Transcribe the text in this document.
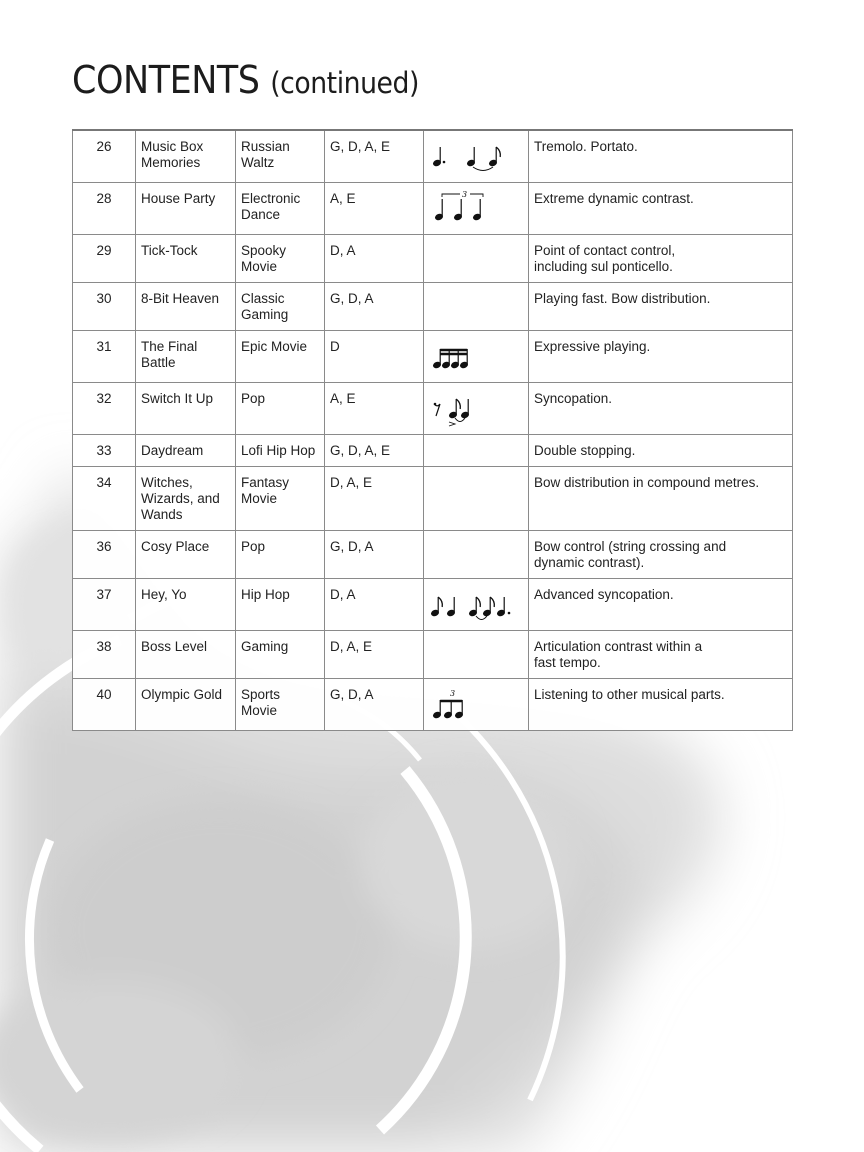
CONTENTS (continued)
26	Music Box
Memories	Russian
Waltz	G, D, A, E		Tremolo. Portato.
28	House Party	Electronic
Dance	A, E	3	Extreme dynamic contrast.
29	Tick-Tock	Spooky
Movie	D, A		Point of contact control,
including sul ponticello.
30	8-Bit Heaven	Classic
Gaming	G, D, A		Playing fast. Bow distribution.
31	The Final
Battle	Epic Movie	D		Expressive playing.
32	Switch It Up	Pop	A, E		Syncopation.
33	Daydream	Lofi Hip Hop	G, D, A, E		Double stopping.
34	Witches,
Wizards, and
Wands	Fantasy
Movie	D, A, E		Bow distribution in compound metres.
36	Cosy Place	Pop	G, D, A		Bow control (string crossing and
dynamic contrast).
37	Hey, Yo	Hip Hop	D, A		Advanced syncopation.
38	Boss Level	Gaming	D, A, E		Articulation contrast within a
fast tempo.
40	Olympic Gold	Sports
Movie	G, D, A	3	Listening to other musical parts.
